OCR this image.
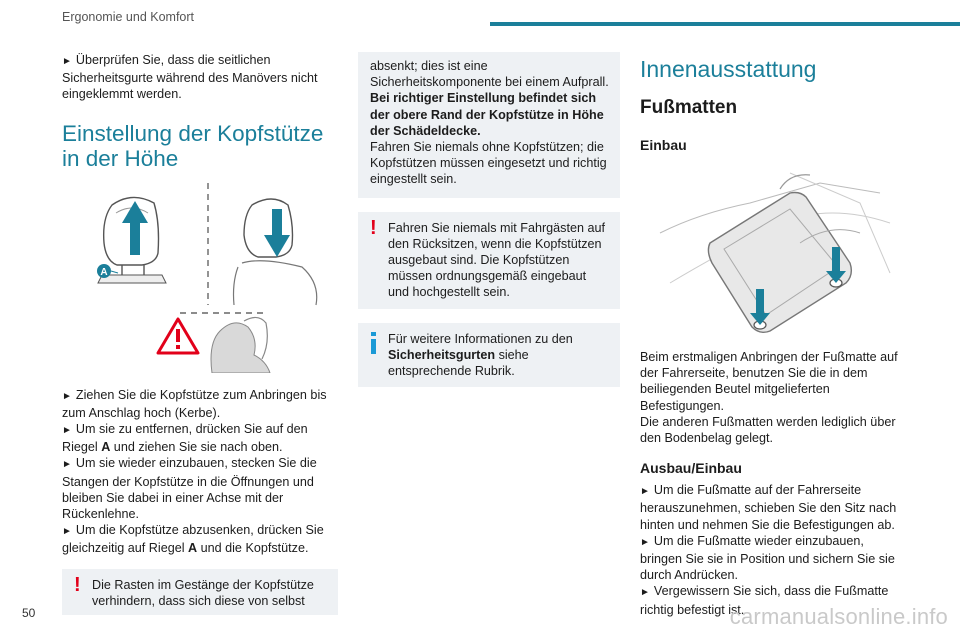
Ergonomie und Komfort

► Überprüfen Sie, dass die seitlichen Sicherheitsgurte während des Manövers nicht eingeklemmt werden.

Einstellung der Kopfstütze in der Höhe
A

► Ziehen Sie die Kopfstütze zum Anbringen bis zum Anschlag hoch (Kerbe).

► Um sie zu entfernen, drücken Sie auf den Riegel A und ziehen Sie sie nach oben.

► Um sie wieder einzubauen, stecken Sie die Stangen der Kopfstütze in die Öffnungen und bleiben Sie dabei in einer Achse mit der Rückenlehne.

► Um die Kopfstütze abzusenken, drücken Sie gleichzeitig auf Riegel A und die Kopfstütze.

! Die Rasten im Gestänge der Kopfstütze verhindern, dass sich diese von selbst
absenkt; dies ist eine Sicherheitskomponente bei einem Aufprall.
Bei richtiger Einstellung befindet sich der obere Rand der Kopfstütze in Höhe der Schädeldecke.
Fahren Sie niemals ohne Kopfstützen; die Kopfstützen müssen eingesetzt und richtig eingestellt sein.
! Fahren Sie niemals mit Fahrgästen auf den Rücksitzen, wenn die Kopfstützen ausgebaut sind. Die Kopfstützen müssen ordnungsgemäß eingebaut und hochgestellt sein.
Für weitere Informationen zu den Sicherheitsgurten siehe entsprechende Rubrik.
Innenausstattung
Fußmatten
Einbau

Beim erstmaligen Anbringen der Fußmatte auf der Fahrerseite, benutzen Sie die in dem beiliegenden Beutel mitgelieferten Befestigungen.

Die anderen Fußmatten werden lediglich über den Bodenbelag gelegt.

Ausbau/Einbau

► Um die Fußmatte auf der Fahrerseite herauszunehmen, schieben Sie den Sitz nach hinten und nehmen Sie die Befestigungen ab.

► Um die Fußmatte wieder einzubauen, bringen Sie sie in Position und sichern Sie sie durch Andrücken.

► Vergewissern Sie sich, dass die Fußmatte richtig befestigt ist.

50	carmanualsonline.info
